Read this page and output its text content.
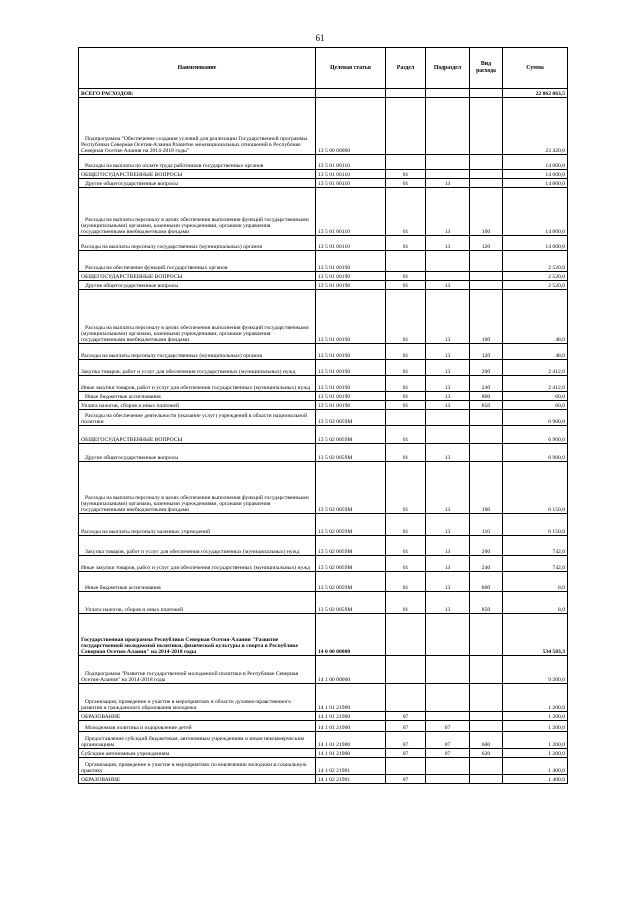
61
Наименование	Целевая статья	Раздел	Подраздел	Вид расхода	Сумма
ВСЕГО РАСХОДОВ:					22 062 063,5
Подпрограмма "Обеспечение создания условий для реализации Государственной программы Республики Северная Осетия-Алания Развитие межнациональных отношений в Республике Северная Осетия-Алания на 2014-2018 годы"	13 5 00 00000				23 420,0
Расходы на выплаты по оплате труда работников государственных органов	13 5 01 00110				14 000,0
ОБЩЕГОСУДАРСТВЕННЫЕ ВОПРОСЫ	13 5 01 00110	01			14 000,0
Другие общегосударственные вопросы	13 5 01 00110	01	13		14 000,0
Расходы на выплаты персоналу в целях обеспечения выполнения функций государственными (муниципальными) органами, казенными учреждениями, органами управления государственными внебюджетными фондами	13 5 01 00110	01	13	100	14 000,0
Расходы на выплаты персоналу государственных (муниципальных) органов	13 5 01 00110	01	13	120	14 000,0
Расходы на обеспечение функций государственных органов	13 5 01 00190				2 520,0
ОБЩЕГОСУДАРСТВЕННЫЕ ВОПРОСЫ	13 5 01 00190	01			2 520,0
Другие общегосударственные вопросы	13 5 01 00190	01	13		2 520,0
Расходы на выплаты персоналу в целях обеспечения выполнения функций государственными (муниципальными) органами, казенными учреждениями, органами управления государственными внебюджетными фондами	13 5 01 00190	01	13	100	48,0
Расходы на выплаты персоналу государственных (муниципальных) органов	13 5 01 00190	01	13	120	48,0
Закупка товаров, работ и услуг для обеспечения государственных (муниципальных) нужд	13 5 01 00190	01	13	200	2 412,0
Иные закупки товаров, работ и услуг для обеспечения государственных (муниципальных) нужд	13 5 01 00190	01	13	240	2 412,0
Иные бюджетные ассигнования	13 5 01 00190	01	13	800	60,0
Уплата налогов, сборов и иных платежей	13 5 01 00190	01	13	850	60,0
Расходы на обеспечение деятельности (оказание услуг) учреждений в области национальной политики	13 5 02 0059М				6 900,0
ОБЩЕГОСУДАРСТВЕННЫЕ ВОПРОСЫ	13 5 02 0059М	01			6 900,0
Другие общегосударственные вопросы	13 5 02 0059М	01	13		6 900,0
Расходы на выплаты персоналу в целях обеспечения выполнения функций государственными (муниципальными) органами, казенными учреждениями, органами управления государственными внебюджетными фондами	13 5 02 0059М	01	13	100	6 150,0
Расходы на выплаты персоналу казенных учреждений	13 5 02 0059М	01	13	110	6 150,0
Закупка товаров, работ и услуг для обеспечения государственных (муниципальных) нужд	13 5 02 0059М	01	13	200	742,0
Иные закупки товаров, работ и услуг для обеспечения государственных (муниципальных) нужд	13 5 02 0059М	01	13	240	742,0
Иные бюджетные ассигнования	13 5 02 0059М	01	13	800	8,0
Уплата налогов, сборов и иных платежей	13 5 02 0059М	01	13	850	8,0
Государственная программа Республики Северная Осетия-Алания "Развитие государственной молодежной политики, физической культуры и спорта в Республике Северная Осетия-Алания" на 2014-2018 годы	14 0 00 00000				534 583,3
Подпрограмма "Развитие государственной молодежной политики в Республике Северная Осетия-Алания" на 2014-2018 годы	14 1 00 00000				9 200,0
Организация, проведение и участие в мероприятиях в области духовно-нравственного развития и гражданского образования молодежи	14 1 01 21900				1 200,0
ОБРАЗОВАНИЕ	14 1 01 21900	07			1 200,0
Молодежная политика и оздоровление детей	14 1 01 21900	07	07		1 200,0
Предоставление субсидий бюджетным, автономным учреждениям и иным некоммерческим организациям	14 1 01 21900	07	07	600	1 200,0
Субсидии автономным учреждениям	14 1 01 21900	07	07	620	1 200,0
Организация, проведение и участие в мероприятиях по вовлечению молодежи в социальную практику	14 1 02 21901				1 400,0
ОБРАЗОВАНИЕ	14 1 02 21901	07			1 400,0
